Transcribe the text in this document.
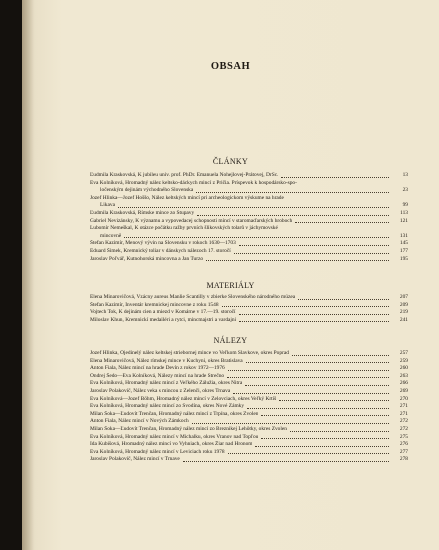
OBSAH
ČLÁNKY
Ľudmila Kraskovská, K jubileu univ. prof. PhDr. Emanuela Nohejlovej-Prátovej, DrSc.	13
Eva Kolníková, Hromadný nález keltsko-dáckych mincí z Pričia. Príspevok k hospodársko-spo-
ločenským dejinám východného Slovenska	23
Jozef Hlinka—Jozef Hoššo, Nález keltských mincí pri archeologickom výskume na hrade
Likava	99
Ľudmila Kraskovská, Rímske mince zo Stupavy	113
Gabriel Nevizánsky, K významu a vypovedacej schopnosti mincí v staromaďarských hroboch	121
Lubomír Nemeškal, K otázce počátku ražby prvních šlikovských tolarů v jáchymovské
mincovně	131
Štefan Kazimír, Menový vývin na Slovensku v rokoch 1630—1703	145
Eduard Šimek, Kremnický toliar v dánskych nálezoch 17. storočí	177
Jaroslav Poľvář, Kutnohorská mincovna a Jan Turzo	195
MATERIÁLY
Elena Minarovičová, Vzácny aureus Manlie Scantilly v zbierke Slovenského národného múzea	207
Štefan Kazimír, Inventár kremnickej mincovne z roku 1548	209
Vojtech Tok, K dejinám cien a miezd v Komárne v 17.—19. storočí	219
Miloslav Khun, Kremnickí medailéri a rytci, mincmajstri a vardajni	241
NÁLEZY
Jozef Hlinka, Ojedinelý nález keltskej striebornej mince vo Veľkom Slavkove, okres Poprad	257
Elena Minarovičová, Nález rímskej mince v Kuchyni, okres Bratislava	259
Anton Fiala, Nález mincí na hrade Devín z rokov 1972—1976	260
Ondrej Šedo—Eva Kolníková, Nálezy mincí na hrade Strečno	263
Eva Kolníková, Hromadný nález mincí z Veľkého Zálužia, okres Nitra	266
Jaroslav Polakovič, Nález veka s mincou z Zelenči, okres Trnava	269
Eva Kolníková—Jozef Böhm, Hromadný nález mincí v Zelovciach, okres Veľký Krtíš	270
Eva Kolníková, Hromadný nález mincí zo Svodína, okres Nové Zámky	271
Milan Šoka—Ľudovít Trenčan, Hromadný nález mincí z Trpína, okres Zvolen	271
Anton Fiala, Nález mincí v Nových Zámkoch	272
Milan Šoka—Ľudovít Trenčan, Hromadný nález mincí zo Breznikej Lehôtky, okres Zvolen	272
Eva Kolníková, Hromadný nález mincí v Michalku, okres Vranov nad Topľou	275
Ida Kubišová, Hromadný nález mincí vo Vyhniach, okres Žiar nad Hronom	276
Eva Kolníková, Hromadný nález mincí v Leviciach roku 1978	277
Jaroslav Polakovič, Nález mincí v Trnave	278
